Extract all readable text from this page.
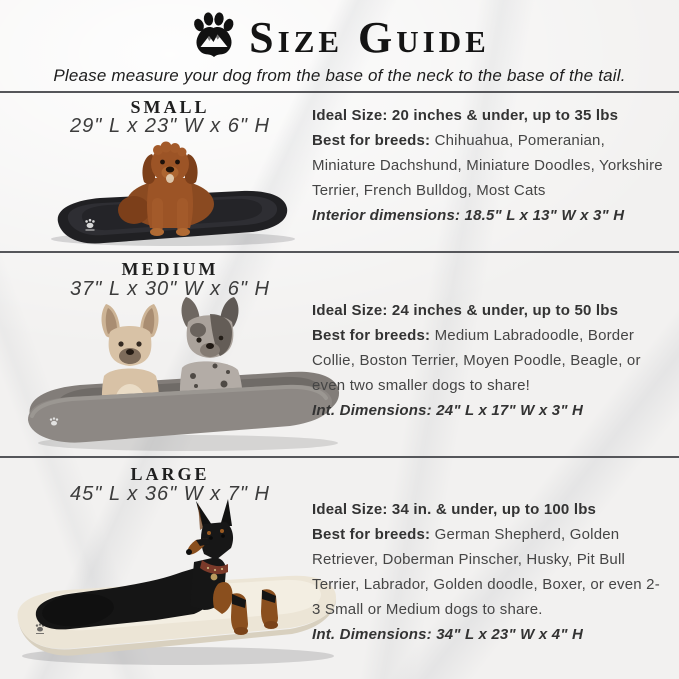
Size Guide
Please measure your dog from the base of the neck to the base of the tail.
SMALL
29" L x 23" W x 6" H	Ideal Size: 20 inches & under, up to 35 lbs

Best for breeds: Chihuahua, Pomeranian, Miniature Dachshund, Miniature Doodles, Yorkshire Terrier, French Bulldog, Most Cats

Interior dimensions: 18.5" L x 13" W x 3" H

MEDIUM
37" L x 30" W x 6" H

Ideal Size: 24 inches & under, up to 50 lbs

Best for breeds: Medium Labradoodle, Border Collie, Boston Terrier, Moyen Poodle, Beagle, or even two smaller dogs to share!

Int. Dimensions: 24" L x 17" W x 3" H

LARGE
45" L x 36" W x 7" H

Ideal Size: 34 in. & under, up to 100 lbs

Best for breeds: German Shepherd, Golden Retriever, Doberman Pinscher, Husky, Pit Bull Terrier, Labrador, Golden doodle, Boxer, or even 2-3 Small or Medium dogs to share.

Int. Dimensions: 34" L x 23" W x 4" H
